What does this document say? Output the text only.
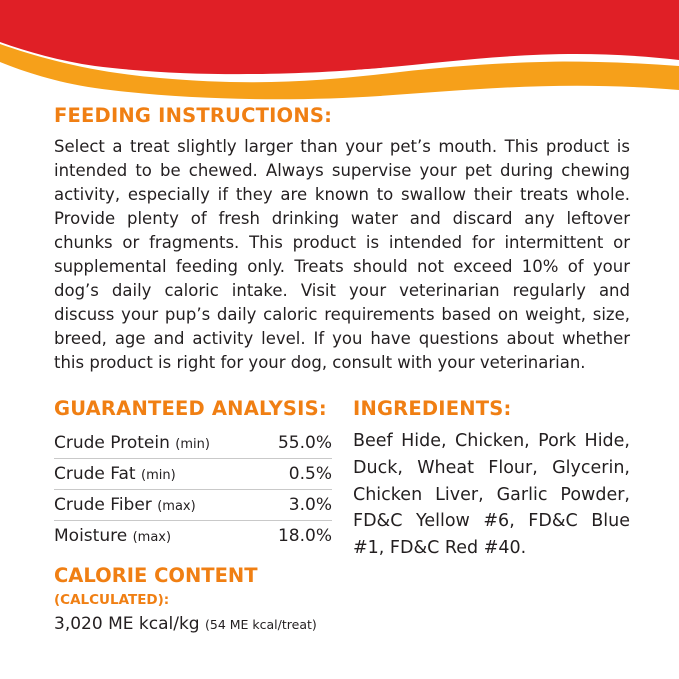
FEEDING INSTRUCTIONS:

Select a treat slightly larger than your pet’s mouth. This product is intended to be chewed. Always supervise your pet during chewing activity, especially if they are known to swallow their treats whole. Provide plenty of fresh drinking water and discard any leftover chunks or fragments. This product is intended for intermittent or supplemental feeding only. Treats should not exceed 10% of your dog’s daily caloric intake. Visit your veterinarian regularly and discuss your pup’s daily caloric requirements based on weight, size, breed, age and activity level. If you have questions about whether this product is right for your dog, consult with your veterinarian.

GUARANTEED ANALYSIS:
Crude Protein (min)	55.0%
Crude Fat (min)	0.5%
Crude Fiber (max)	3.0%
Moisture (max)	18.0%
CALORIE CONTENT (CALCULATED):
3,020 ME kcal/kg (54 ME kcal/treat)
INGREDIENTS:

Beef Hide, Chicken, Pork Hide, Duck, Wheat Flour, Glycerin, Chicken Liver, Garlic Powder, FD&C Yellow #6, FD&C Blue #1, FD&C Red #40.
